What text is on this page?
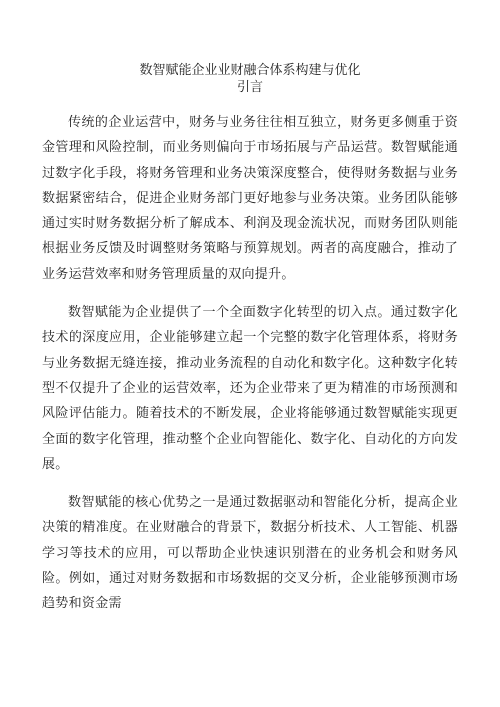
数智赋能企业业财融合体系构建与优化
引言

传统的企业运营中，财务与业务往往相互独立，财务更多侧重于资金管理和风险控制，而业务则偏向于市场拓展与产品运营。数智赋能通过数字化手段，将财务管理和业务决策深度整合，使得财务数据与业务数据紧密结合，促进企业财务部门更好地参与业务决策。业务团队能够通过实时财务数据分析了解成本、利润及现金流状况，而财务团队则能根据业务反馈及时调整财务策略与预算规划。两者的高度融合，推动了业务运营效率和财务管理质量的双向提升。

数智赋能为企业提供了一个全面数字化转型的切入点。通过数字化技术的深度应用，企业能够建立起一个完整的数字化管理体系，将财务与业务数据无缝连接，推动业务流程的自动化和数字化。这种数字化转型不仅提升了企业的运营效率，还为企业带来了更为精准的市场预测和风险评估能力。随着技术的不断发展，企业将能够通过数智赋能实现更全面的数字化管理，推动整个企业向智能化、数字化、自动化的方向发展。

数智赋能的核心优势之一是通过数据驱动和智能化分析，提高企业决策的精准度。在业财融合的背景下，数据分析技术、人工智能、机器学习等技术的应用，可以帮助企业快速识别潜在的业务机会和财务风险。例如，通过对财务数据和市场数据的交叉分析，企业能够预测市场趋势和资金需
